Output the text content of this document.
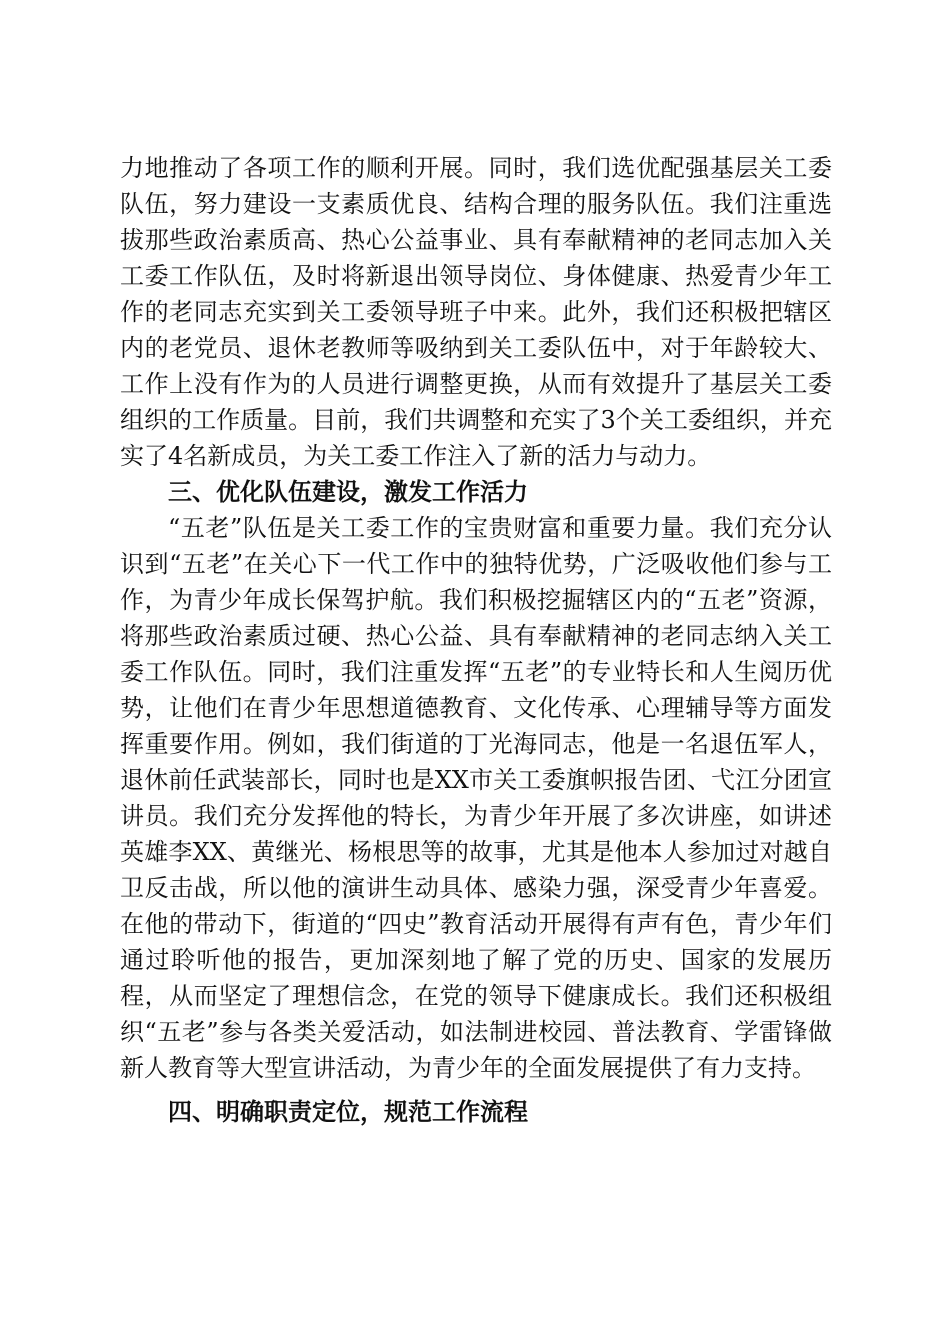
力地推动了各项工作的顺利开展。同时，我们选优配强基层关工委队伍，努力建设一支素质优良、结构合理的服务队伍。我们注重选拔那些政治素质高、热心公益事业、具有奉献精神的老同志加入关工委工作队伍，及时将新退出领导岗位、身体健康、热爱青少年工作的老同志充实到关工委领导班子中来。此外，我们还积极把辖区内的老党员、退休老教师等吸纳到关工委队伍中，对于年龄较大、工作上没有作为的人员进行调整更换，从而有效提升了基层关工委组织的工作质量。目前，我们共调整和充实了3个关工委组织，并充实了4名新成员，为关工委工作注入了新的活力与动力。

三、优化队伍建设，激发工作活力

“五老”队伍是关工委工作的宝贵财富和重要力量。我们充分认识到“五老”在关心下一代工作中的独特优势，广泛吸收他们参与工作，为青少年成长保驾护航。我们积极挖掘辖区内的“五老”资源，将那些政治素质过硬、热心公益、具有奉献精神的老同志纳入关工委工作队伍。同时，我们注重发挥“五老”的专业特长和人生阅历优势，让他们在青少年思想道德教育、文化传承、心理辅导等方面发挥重要作用。例如，我们街道的丁光海同志，他是一名退伍军人，退休前任武装部长，同时也是XX市关工委旗帜报告团、弋江分团宣讲员。我们充分发挥他的特长，为青少年开展了多次讲座，如讲述英雄李XX、黄继光、杨根思等的故事，尤其是他本人参加过对越自卫反击战，所以他的演讲生动具体、感染力强，深受青少年喜爱。在他的带动下，街道的“四史”教育活动开展得有声有色，青少年们通过聆听他的报告，更加深刻地了解了党的历史、国家的发展历程，从而坚定了理想信念，在党的领导下健康成长。我们还积极组织“五老”参与各类关爱活动，如法制进校园、普法教育、学雷锋做新人教育等大型宣讲活动，为青少年的全面发展提供了有力支持。

四、明确职责定位，规范工作流程
